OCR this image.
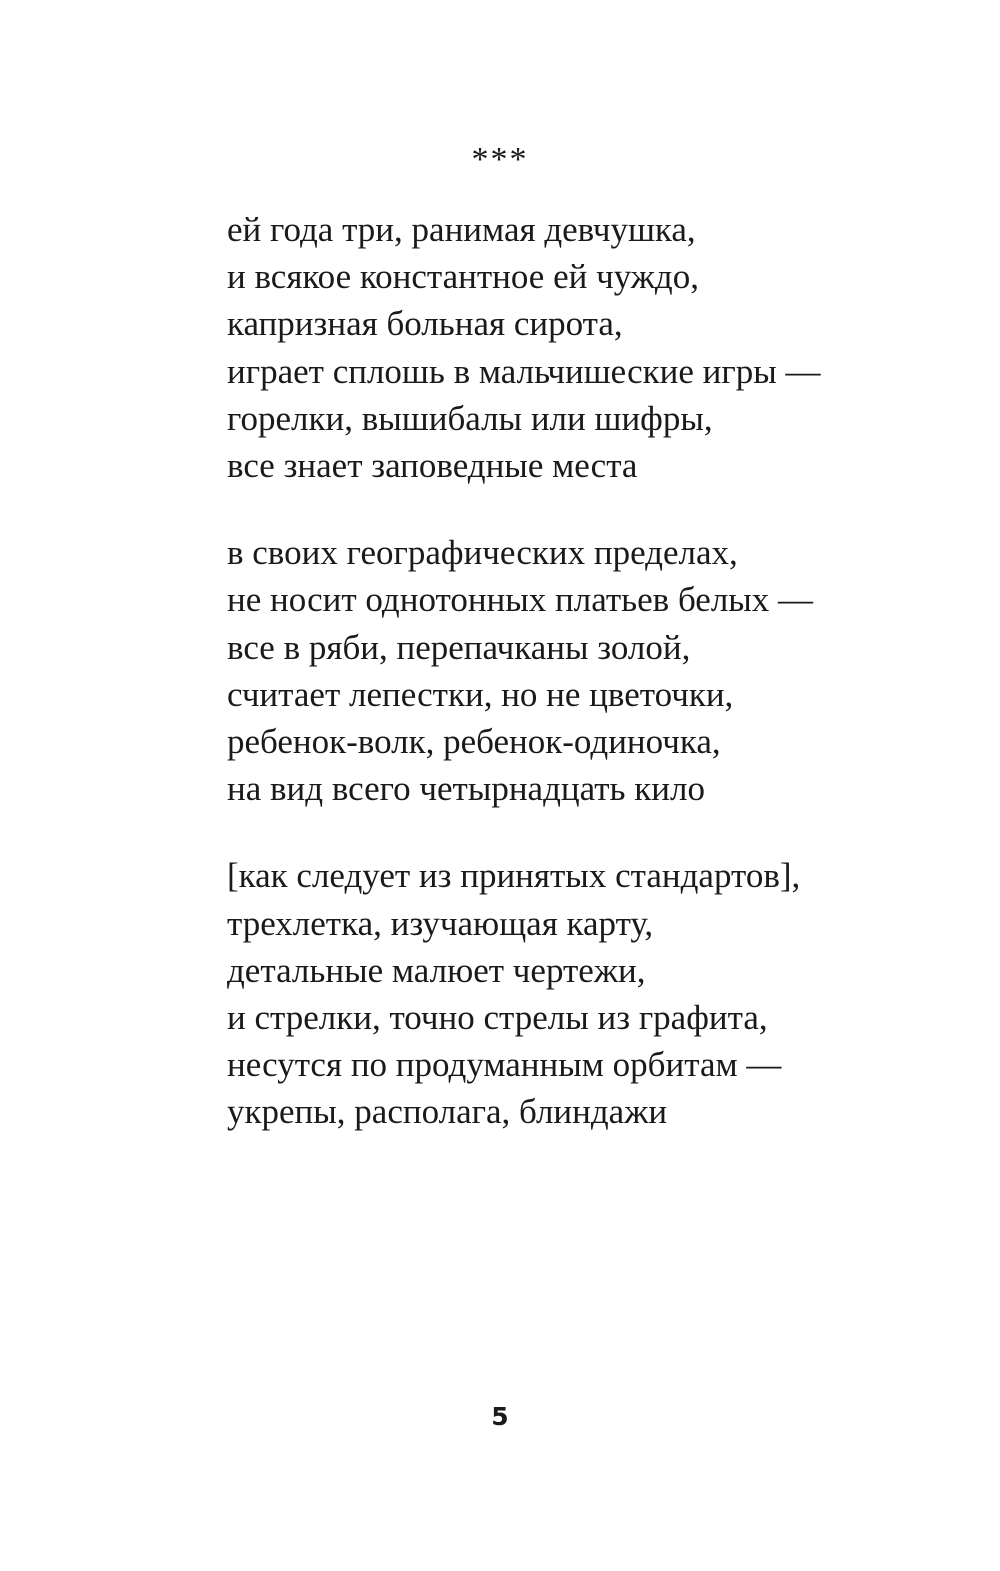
***
ей года три, ранимая девчушка,
и всякое константное ей чуждо,
капризная больная сирота,
играет сплошь в мальчишеские игры —
горелки, вышибалы или шифры,
все знает заповедные места
в своих географических пределах,
не носит однотонных платьев белых —
все в ряби, перепачканы золой,
считает лепестки, но не цветочки,
ребенок-волк, ребенок-одиночка,
на вид всего четырнадцать кило
[как следует из принятых стандартов],
трехлетка, изучающая карту,
детальные малюет чертежи,
и стрелки, точно стрелы из графита,
несутся по продуманным орбитам —
укрепы, располага, блиндажи
5
